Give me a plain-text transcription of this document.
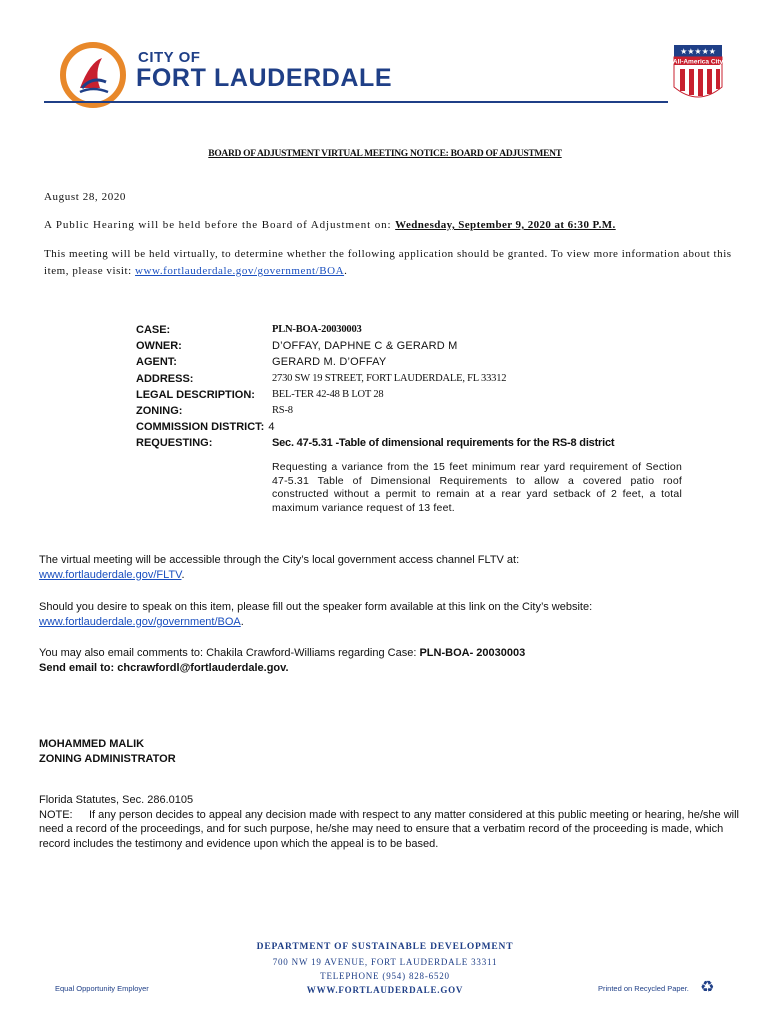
CITY OF
FORT LAUDERDALE
★★★★★
All-America City
BOARD OF ADJUSTMENT VIRTUAL MEETING NOTICE: BOARD OF ADJUSTMENT
August 28, 2020
A Public Hearing will be held before the Board of Adjustment on: Wednesday, September 9, 2020 at 6:30 P.M.
This meeting will be held virtually, to determine whether the following application should be granted. To view more information about this item, please visit: www.fortlauderdale.gov/government/BOA.
CASE:	PLN-BOA-20030003
OWNER:	D’OFFAY, DAPHNE C & GERARD M
AGENT:	GERARD M. D’OFFAY
ADDRESS:	2730 SW 19 STREET, FORT LAUDERDALE, FL 33312
LEGAL DESCRIPTION:	BEL-TER 42-48 B LOT 28
ZONING:	RS-8
COMMISSION DISTRICT: 4
REQUESTING:	Sec. 47-5.31 -Table of dimensional requirements for the RS-8 district
Requesting a variance from the 15 feet minimum rear yard requirement of Section 47-5.31 Table of Dimensional Requirements to allow a covered patio roof constructed without a permit to remain at a rear yard setback of 2 feet, a total maximum variance request of 13 feet.
The virtual meeting will be accessible through the City’s local government access channel FLTV at:
www.fortlauderdale.gov/FLTV.
Should you desire to speak on this item, please fill out the speaker form available at this link on the City’s website:
www.fortlauderdale.gov/government/BOA.
You may also email comments to: Chakila Crawford-Williams regarding Case: PLN-BOA- 20030003
Send email to: chcrawfordl@fortlauderdale.gov.
MOHAMMED MALIK
ZONING ADMINISTRATOR
Florida Statutes, Sec. 286.0105
NOTE: If any person decides to appeal any decision made with respect to any matter considered at this public meeting or hearing, he/she will need a record of the proceedings, and for such purpose, he/she may need to ensure that a verbatim record of the proceeding is made, which record includes the testimony and evidence upon which the appeal is to be based.
DEPARTMENT OF SUSTAINABLE DEVELOPMENT
700 NW 19 AVENUE, FORT LAUDERDALE 33311
TELEPHONE (954) 828-6520
WWW.FORTLAUDERDALE.GOV
Equal Opportunity Employer	Printed on Recycled Paper. ♻
